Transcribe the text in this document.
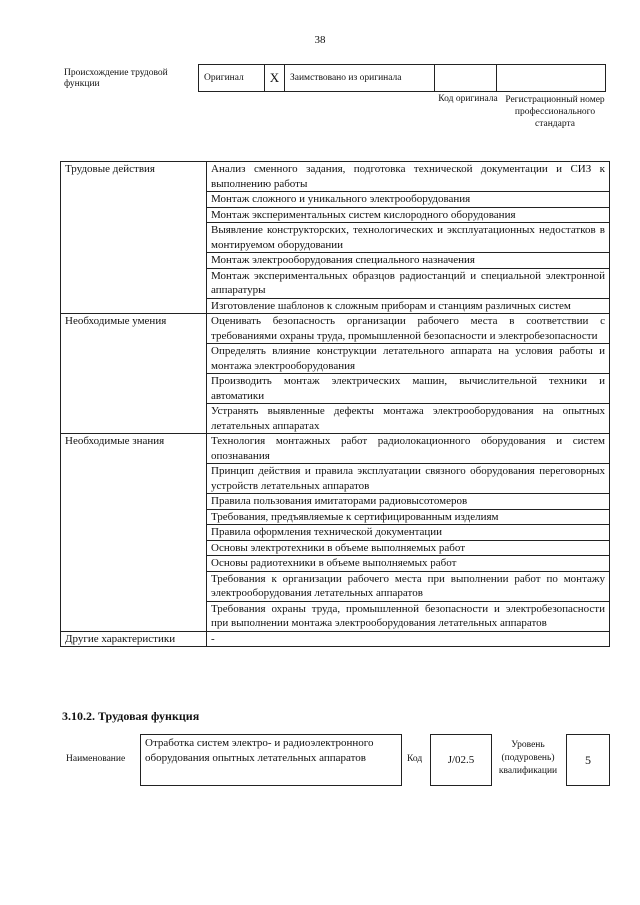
38
Происхождение трудовой функции
Оригинал	X	Заимствовано из оригинала
Код оригинала Регистрационный номер профессионального стандарта
Трудовые действия	Анализ сменного задания, подготовка технической документации и СИЗ к выполнению работы
	Монтаж сложного и уникального электрооборудования
	Монтаж экспериментальных систем кислородного оборудования
	Выявление конструкторских, технологических и эксплуатационных недостатков в монтируемом оборудовании
	Монтаж электрооборудования специального назначения
	Монтаж экспериментальных образцов радиостанций и специальной электронной аппаратуры
	Изготовление шаблонов к сложным приборам и станциям различных систем
Необходимые умения	Оценивать безопасность организации рабочего места в соответствии с требованиями охраны труда, промышленной безопасности и электробезопасности
	Определять влияние конструкции летательного аппарата на условия работы и монтажа электрооборудования
	Производить монтаж электрических машин, вычислительной техники и автоматики
	Устранять выявленные дефекты монтажа электрооборудования на опытных летательных аппаратах
Необходимые знания	Технология монтажных работ радиолокационного оборудования и систем опознавания
	Принцип действия и правила эксплуатации связного оборудования переговорных устройств летательных аппаратов
	Правила пользования имитаторами радиовысотомеров
	Требования, предъявляемые к сертифицированным изделиям
	Правила оформления технической документации
	Основы электротехники в объеме выполняемых работ
	Основы радиотехники в объеме выполняемых работ
	Требования к организации рабочего места при выполнении работ по монтажу электрооборудования летательных аппаратов
	Требования охраны труда, промышленной безопасности и электробезопасности при выполнении монтажа электрооборудования летательных аппаратов
Другие характеристики	-
3.10.2. Трудовая функция
Наименование
Отработка систем электро- и радиоэлектронного оборудования опытных летательных аппаратов	Код	J/02.5
Уровень (подуровень) квалификации
5
